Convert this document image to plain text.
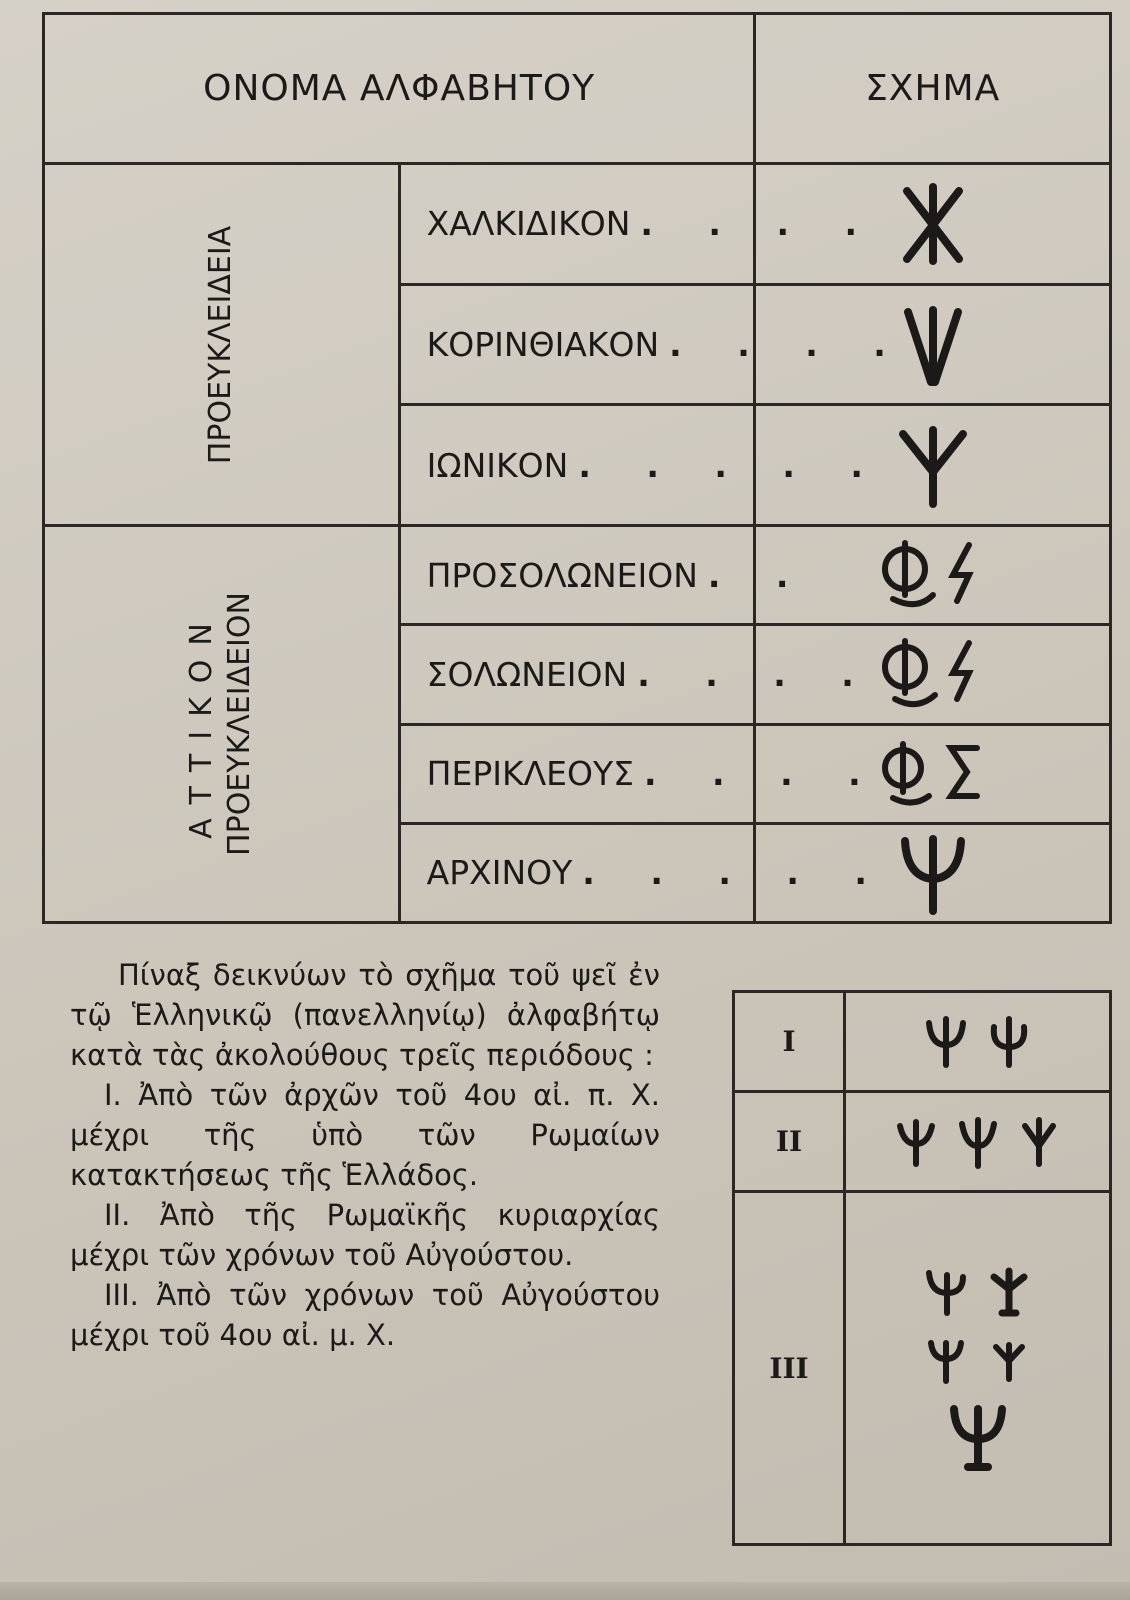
ΟΝΟΜΑ ΑΛΦΑΒΗΤΟΥ		ΣΧΗΜΑ

ΠΡΟΕΥΚΛΕΙΔΕΙΑ	ΧΑΛΚΙΔΙΚΟΝ . . . .	
	ΚΟΡΙΝΘΙΑΚΟΝ . . . .	
	ΙΩΝΙΚΟΝ . . . . .	

ΑΤΤΙΚΟΝ ΠΡΟΕΥΚΛΕΙΔΕΙΟΝ	ΠΡΟΣΟΛΩΝΕΙΟΝ . .	
	ΣΟΛΩΝΕΙΟΝ . . . .	
	ΠΕΡΙΚΛΕΟΥΣ . . . .	
	ΑΡΧΙΝΟΥ . . . . .	

Πίναξ δεικνύων τὸ σχῆμα τοῦ ψεῖ ἐν τῷ Ἑλληνικῷ (πανελληνίῳ) ἀλφαβήτῳ κατὰ τὰς ἀκολούθους τρεῖς περιόδους :

I. Ἀπὸ τῶν ἀρχῶν τοῦ 4ου αἰ. π. Χ. μέχρι τῆς ὑπὸ τῶν Ρωμαίων κατακτήσεως τῆς Ἑλλάδος.

II. Ἀπὸ τῆς Ρωμαϊκῆς κυριαρχίας μέχρι τῶν χρόνων τοῦ Αὐγούστου.

III. Ἀπὸ τῶν χρόνων τοῦ Αὐγούστου μέχρι τοῦ 4ου αἰ. μ. Χ.

I	
II	
III	
